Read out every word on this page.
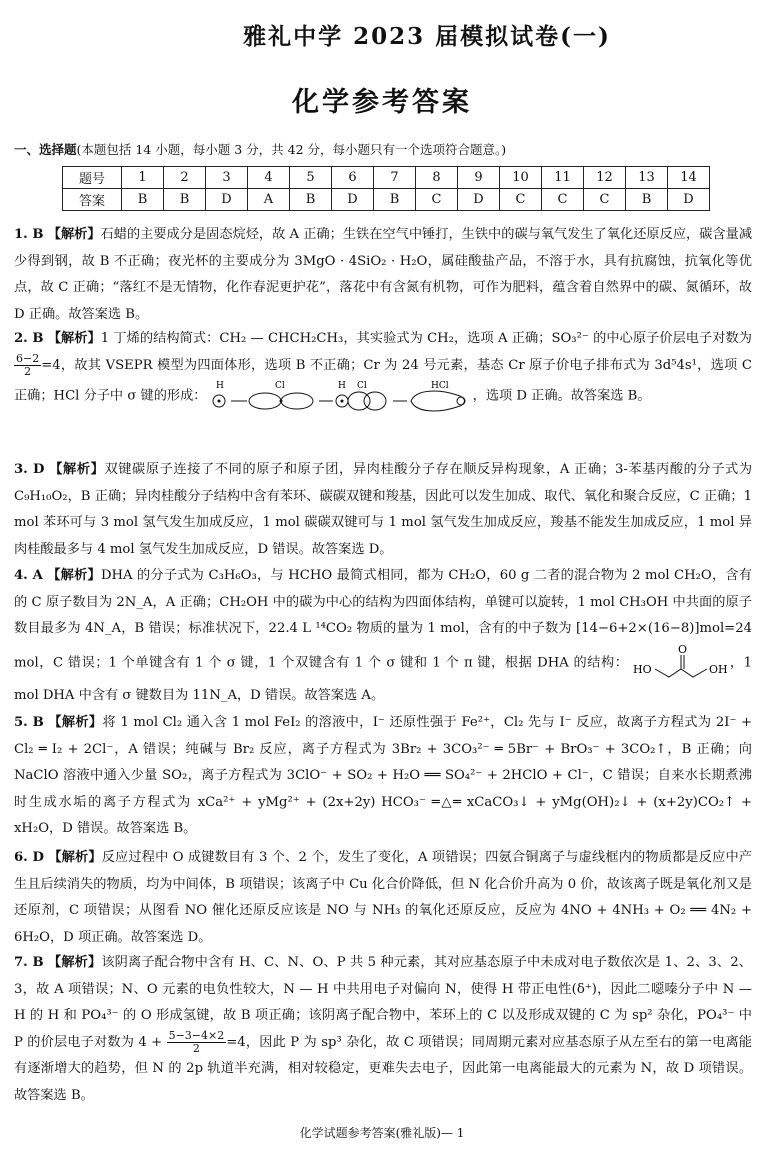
雅礼中学 2023 届模拟试卷(一)
化学参考答案
一、选择题(本题包括 14 小题，每小题 3 分，共 42 分，每小题只有一个选项符合题意。)
题号	1	2	3	4	5	6	7	8	9	10	11	12	13	14
答案	B	B	D	A	B	D	B	C	D	C	C	C	B	D
1. B 【解析】石蜡的主要成分是固态烷烃，故 A 正确；生铁在空气中锤打，生铁中的碳与氧气发生了氧化还原反应，碳含量减少得到钢，故 B 不正确；夜光杯的主要成分为 3MgO · 4SiO₂ · H₂O，属硅酸盐产品，不溶于水，具有抗腐蚀，抗氧化等优点，故 C 正确；“落红不是无情物，化作春泥更护花”，落花中有含氮有机物，可作为肥料，蕴含着自然界中的碳、氮循环，故 D 正确。故答案选 B。
2. B 【解析】1 丁烯的结构简式：CH₂ — CHCH₂CH₃，其实验式为 CH₂，选项 A 正确；SO₃²⁻ 的中心原子价层电子对数为
$\frac{6-2}{2} =4$，故其 VSEPR 模型为四面体形，选项 B 不正确；Cr 为 24 号元素，基态 Cr 原子价电子排布式为 3d⁵4s¹，选项 C 正确；HCl 分子中 σ 键的形成：
H	Cl	H Cl	HCl
，选项 D 正确。故答案选 B。
3. D 【解析】双键碳原子连接了不同的原子和原子团，异肉桂酸分子存在顺反异构现象，A 正确；3-苯基丙酸的分子式为 C₉H₁₀O₂，B 正确；异肉桂酸分子结构中含有苯环、碳碳双键和羧基，因此可以发生加成、取代、氧化和聚合反应，C 正确；1 mol 苯环可与 3 mol 氢气发生加成反应，1 mol 碳碳双键可与 1 mol 氢气发生加成反应，羧基不能发生加成反应，1 mol 异肉桂酸最多与 4 mol 氢气发生加成反应，D 错误。故答案选 D。
4. A 【解析】DHA 的分子式为 C₃H₆O₃，与 HCHO 最简式相同，都为 CH₂O，60 g 二者的混合物为 2 mol CH₂O，含有的 C 原子数目为 2N_A，A 正确；CH₂OH 中的碳为中心的结构为四面体结构，单键可以旋转，1 mol CH₃OH 中共面的原子数目最多为 4N_A，B 错误；标准状况下，22.4 L ¹⁴CO₂ 物质的量为 1 mol，含有的中子数为 [14−6+2×(16−8)]mol=24 mol，C 错误；1 个单键含有 1 个 σ 键，1 个双键含有 1 个 σ 键和 1 个 π 键，根据 DHA 的结构： HO
O
OH ，1 mol DHA 中含有 σ 键数目为 11N_A，D 错误。故答案选 A。
5. B 【解析】将 1 mol Cl₂ 通入含 1 mol FeI₂ 的溶液中，I⁻ 还原性强于 Fe²⁺，Cl₂ 先与 I⁻ 反应，故离子方程式为 2I⁻ + Cl₂ ═ I₂ + 2Cl⁻，A 错误；纯碱与 Br₂ 反应，离子方程式为 3Br₂ + 3CO₃²⁻ ═ 5Br⁻ + BrO₃⁻ + 3CO₂↑，B 正确；向 NaClO 溶液中通入少量 SO₂，离子方程式为 3ClO⁻ + SO₂ + H₂O ══ SO₄²⁻ + 2HClO + Cl⁻，C 错误；自来水长期煮沸时生成水垢的离子方程式为 xCa²⁺ + yMg²⁺ + (2x+2y) HCO₃⁻ ═△═ xCaCO₃↓ + yMg(OH)₂↓ + (x+2y)CO₂↑ + xH₂O，D 错误。故答案选 B。
6. D 【解析】反应过程中 O 成键数目有 3 个、2 个，发生了变化，A 项错误；四氨合铜离子与虚线框内的物质都是反应中产生且后续消失的物质，均为中间体，B 项错误；该离子中 Cu 化合价降低，但 N 化合价升高为 0 价，故该离子既是氧化剂又是还原剂，C 项错误；从图看 NO 催化还原反应该是 NO 与 NH₃ 的氧化还原反应，反应为 4NO + 4NH₃ + O₂ ══ 4N₂ + 6H₂O，D 项正确。故答案选 D。
7. B 【解析】该阴离子配合物中含有 H、C、N、O、P 共 5 种元素，其对应基态原子中未成对电子数依次是 1、2、3、2、3，故 A 项错误；N、O 元素的电负性较大，N — H 中共用电子对偏向 N，使得 H 带正电性(δ⁺)，因此二噁嗪分子中 N — H 的 H 和 PO₄³⁻ 的 O 形成氢键，故 B 项正确；该阴离子配合物中，苯环上的 C 以及形成双键的 C 为 sp² 杂化，PO₄³⁻ 中 P 的价层电子对数为 $4 + \frac{5-3-4\times 2}{2} =4$，因此 P 为 sp³ 杂化，故 C 项错误；同周期元素对应基态原子从左至右的第一电离能有逐渐增大的趋势，但 N 的 2p 轨道半充满，相对较稳定，更难失去电子，因此第一电离能最大的元素为 N，故 D 项错误。故答案选 B。
化学试题参考答案(雅礼版)— 1
